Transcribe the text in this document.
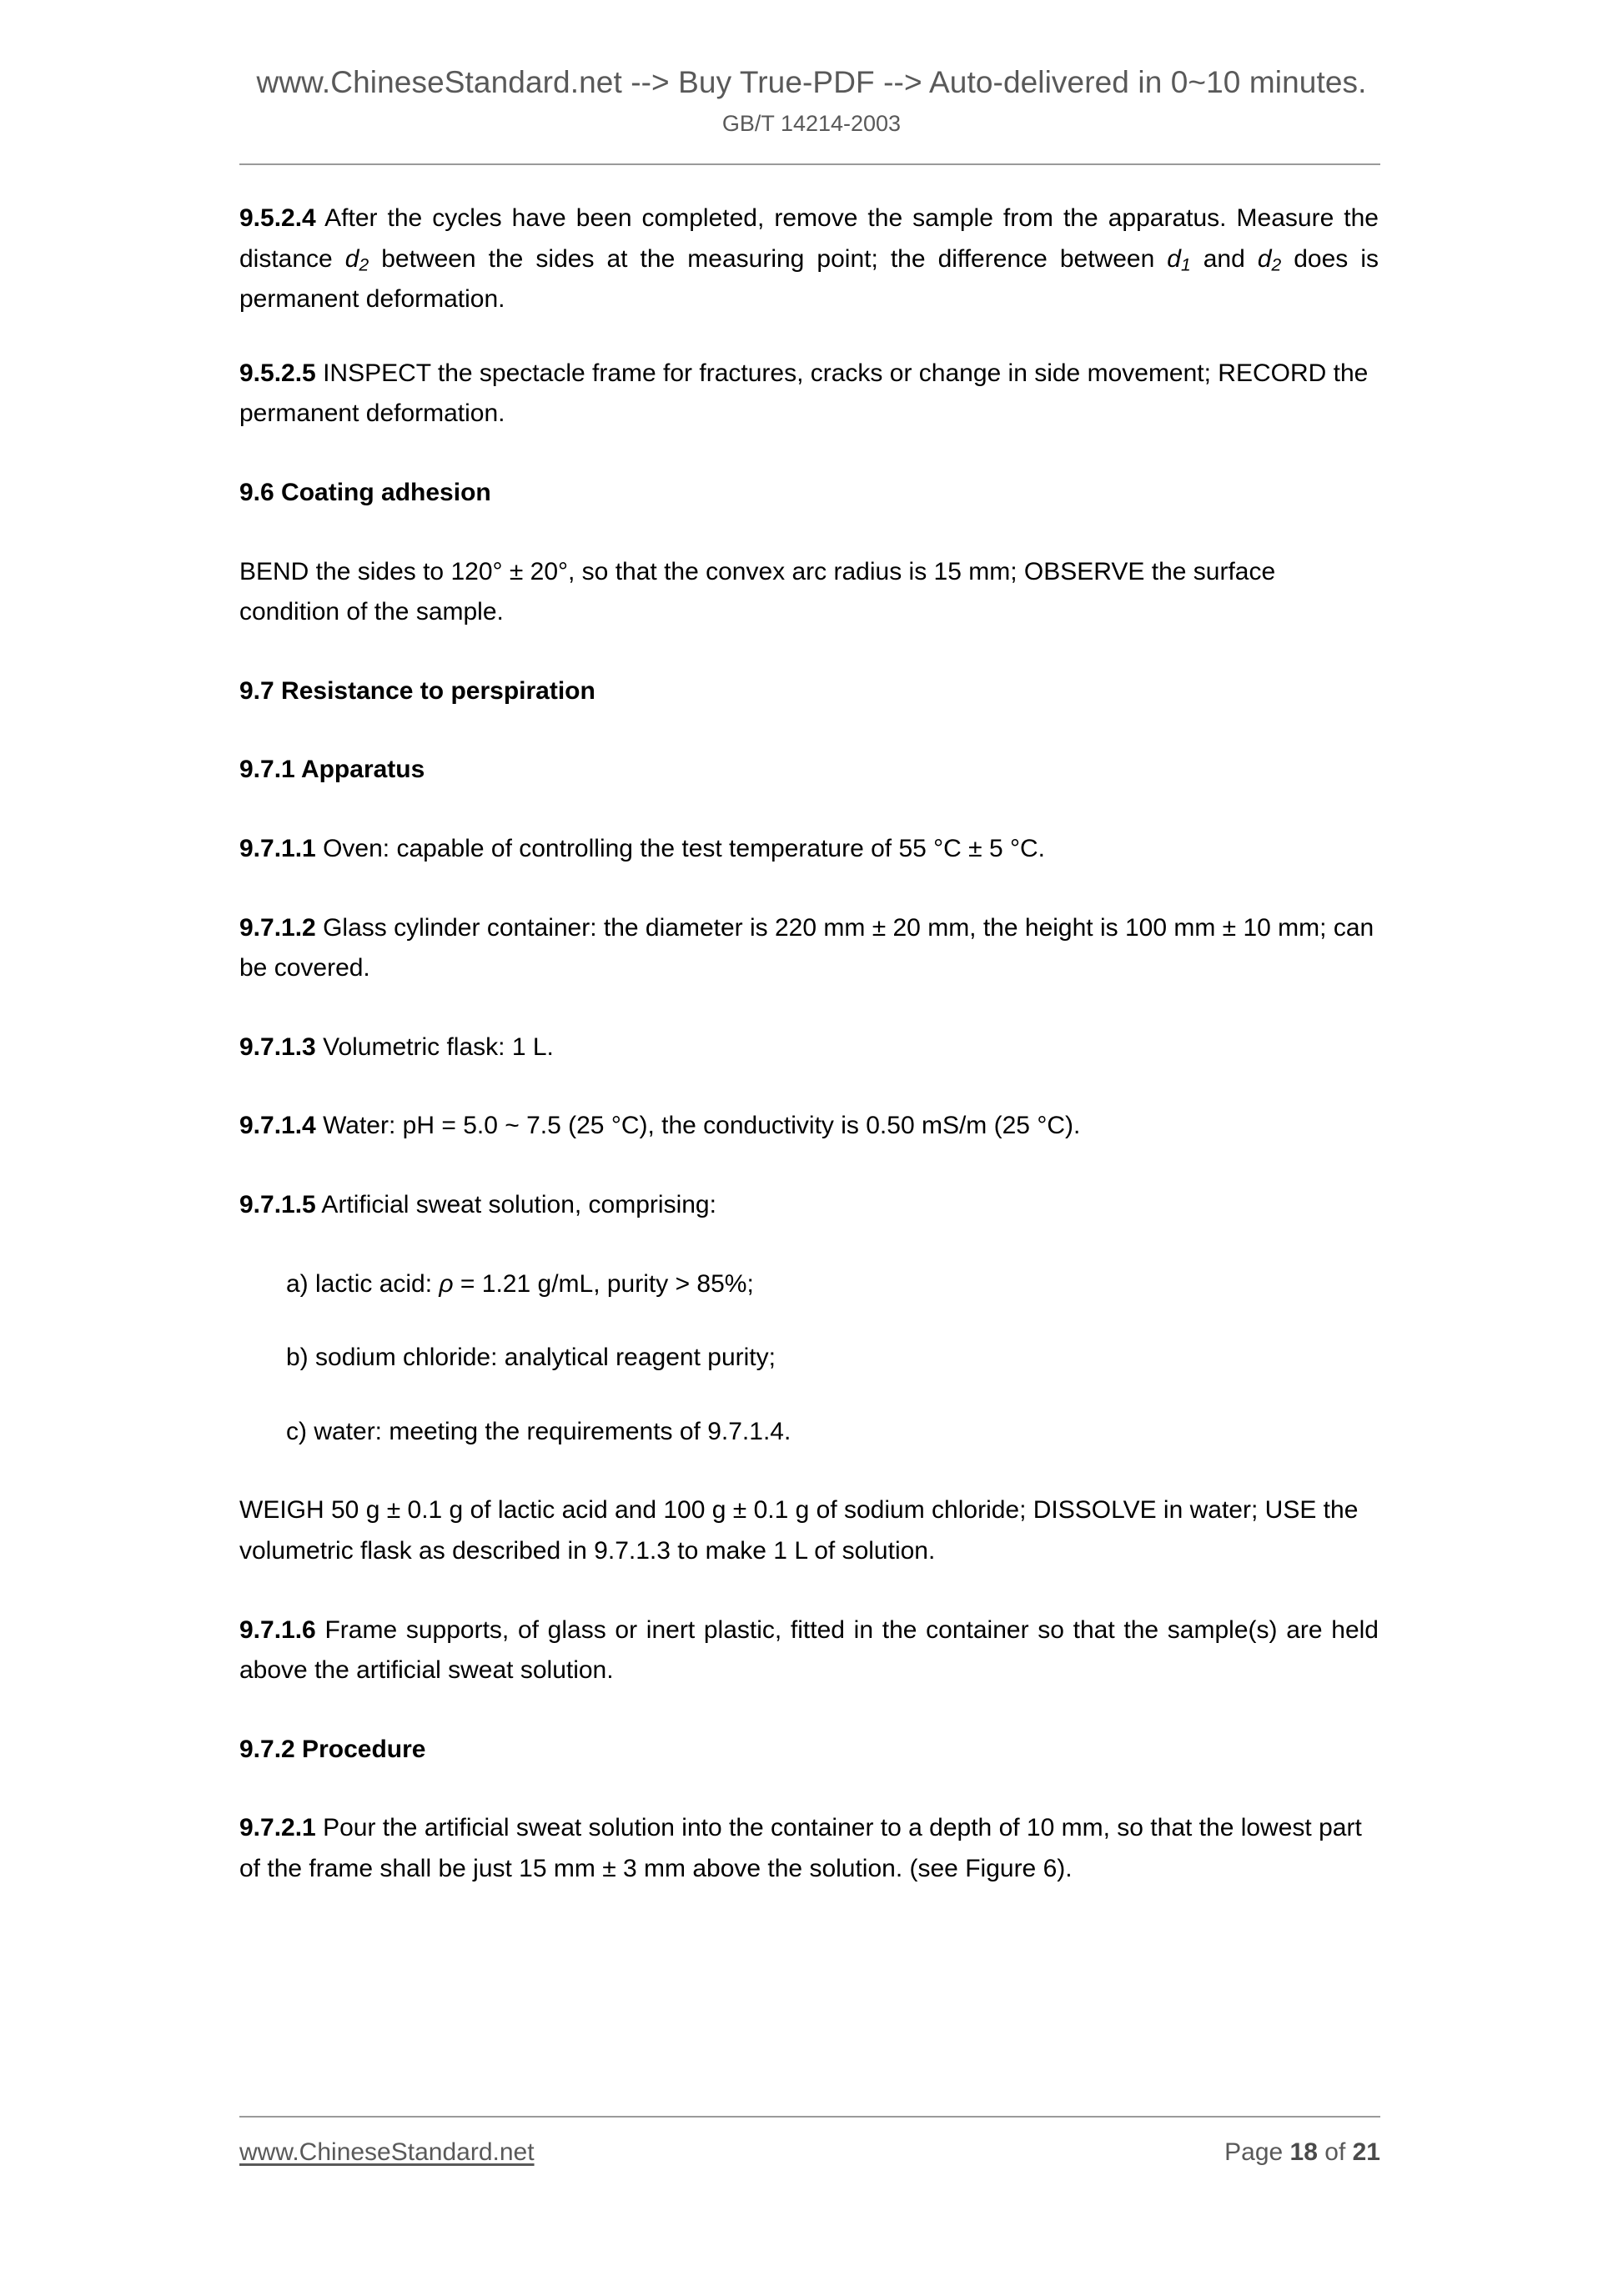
www.ChineseStandard.net --> Buy True-PDF --> Auto-delivered in 0~10 minutes.
GB/T 14214-2003

9.5.2.4 After the cycles have been completed, remove the sample from the apparatus. Measure the distance $d_2$ between the sides at the measuring point; the difference between $d_1$ and $d_2$ does is permanent deformation.

9.5.2.5 INSPECT the spectacle frame for fractures, cracks or change in side movement; RECORD the permanent deformation.

9.6 Coating adhesion

BEND the sides to 120° ± 20°, so that the convex arc radius is 15 mm; OBSERVE the surface condition of the sample.

9.7 Resistance to perspiration
9.7.1 Apparatus

9.7.1.1 Oven: capable of controlling the test temperature of 55 °C ± 5 °C.

9.7.1.2 Glass cylinder container: the diameter is 220 mm ± 20 mm, the height is 100 mm ± 10 mm; can be covered.

9.7.1.3 Volumetric flask: 1 L.

9.7.1.4 Water: pH = 5.0 ~ 7.5 (25 °C), the conductivity is 0.50 mS/m (25 °C).

9.7.1.5 Artificial sweat solution, comprising:

a) lactic acid: ρ = 1.21 g/mL, purity > 85%;
b) sodium chloride: analytical reagent purity;
c) water: meeting the requirements of 9.7.1.4.

WEIGH 50 g ± 0.1 g of lactic acid and 100 g ± 0.1 g of sodium chloride; DISSOLVE in water; USE the volumetric flask as described in 9.7.1.3 to make 1 L of solution.

9.7.1.6 Frame supports, of glass or inert plastic, fitted in the container so that the sample(s) are held above the artificial sweat solution.

9.7.2 Procedure

9.7.2.1 Pour the artificial sweat solution into the container to a depth of 10 mm, so that the lowest part of the frame shall be just 15 mm ± 3 mm above the solution. (see Figure 6).

www.ChineseStandard.net	Page 18 of 21
